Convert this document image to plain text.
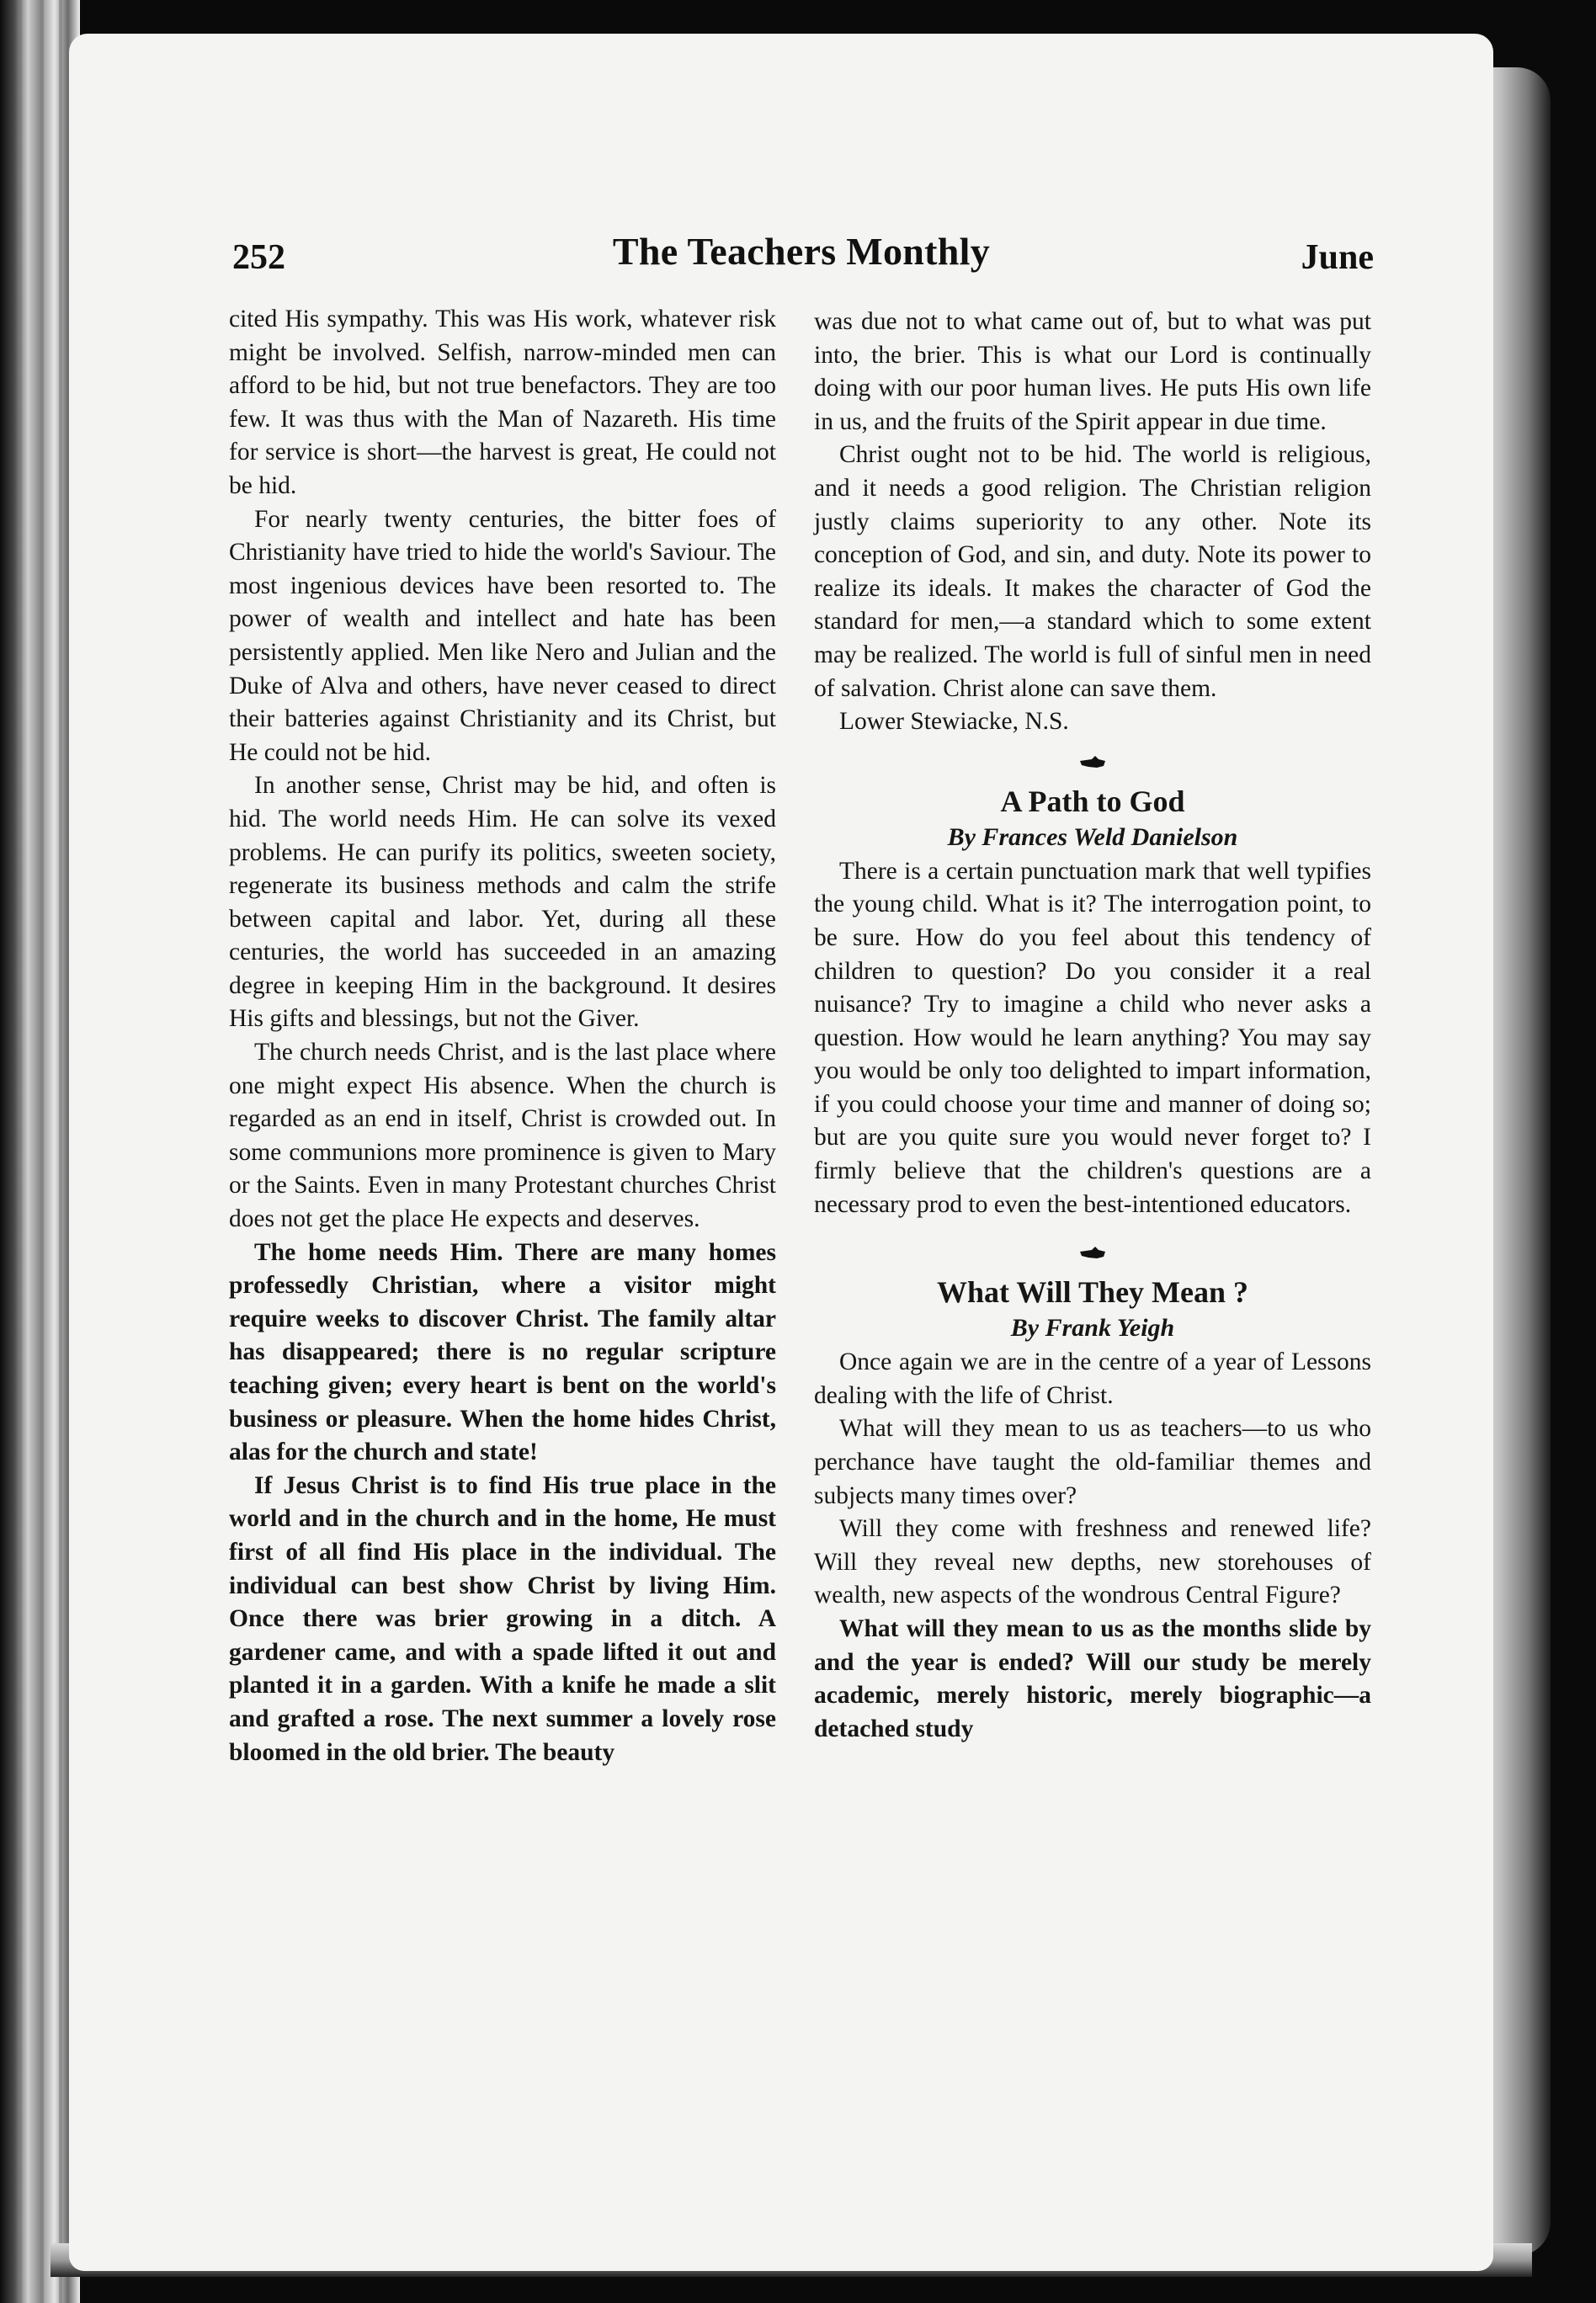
252	The Teachers Monthly	June

cited His sympathy. This was His work, whatever risk might be involved. Selfish, narrow-minded men can afford to be hid, but not true benefactors. They are too few. It was thus with the Man of Nazareth. His time for service is short—the harvest is great, He could not be hid.

For nearly twenty centuries, the bitter foes of Christianity have tried to hide the world's Saviour. The most ingenious devices have been resorted to. The power of wealth and intellect and hate has been persistently applied. Men like Nero and Julian and the Duke of Alva and others, have never ceased to direct their batteries against Christianity and its Christ, but He could not be hid.

In another sense, Christ may be hid, and often is hid. The world needs Him. He can solve its vexed problems. He can purify its politics, sweeten society, regenerate its business methods and calm the strife between capital and labor. Yet, during all these centuries, the world has succeeded in an amazing degree in keeping Him in the background. It desires His gifts and blessings, but not the Giver.

The church needs Christ, and is the last place where one might expect His absence. When the church is regarded as an end in itself, Christ is crowded out. In some communions more prominence is given to Mary or the Saints. Even in many Protestant churches Christ does not get the place He expects and deserves.

The home needs Him. There are many homes professedly Christian, where a visitor might require weeks to discover Christ. The family altar has disappeared; there is no regular scripture teaching given; every heart is bent on the world's business or pleasure. When the home hides Christ, alas for the church and state!

If Jesus Christ is to find His true place in the world and in the church and in the home, He must first of all find His place in the individual. The individual can best show Christ by living Him. Once there was brier growing in a ditch. A gardener came, and with a spade lifted it out and planted it in a garden. With a knife he made a slit and grafted a rose. The next summer a lovely rose bloomed in the old brier. The beauty

was due not to what came out of, but to what was put into, the brier. This is what our Lord is continually doing with our poor human lives. He puts His own life in us, and the fruits of the Spirit appear in due time.

Christ ought not to be hid. The world is religious, and it needs a good religion. The Christian religion justly claims superiority to any other. Note its conception of God, and sin, and duty. Note its power to realize its ideals. It makes the character of God the standard for men,—a standard which to some extent may be realized. The world is full of sinful men in need of salvation. Christ alone can save them.

Lower Stewiacke, N.S.

A Path to God

By Frances Weld Danielson

There is a certain punctuation mark that well typifies the young child. What is it? The interrogation point, to be sure. How do you feel about this tendency of children to question? Do you consider it a real nuisance? Try to imagine a child who never asks a question. How would he learn anything? You may say you would be only too delighted to impart information, if you could choose your time and manner of doing so; but are you quite sure you would never forget to? I firmly believe that the children's questions are a necessary prod to even the best-intentioned educators.

What Will They Mean ?

By Frank Yeigh

Once again we are in the centre of a year of Lessons dealing with the life of Christ.

What will they mean to us as teachers—to us who perchance have taught the old-familiar themes and subjects many times over?

Will they come with freshness and renewed life? Will they reveal new depths, new storehouses of wealth, new aspects of the wondrous Central Figure?

What will they mean to us as the months slide by and the year is ended? Will our study be merely academic, merely historic, merely biographic—a detached study
